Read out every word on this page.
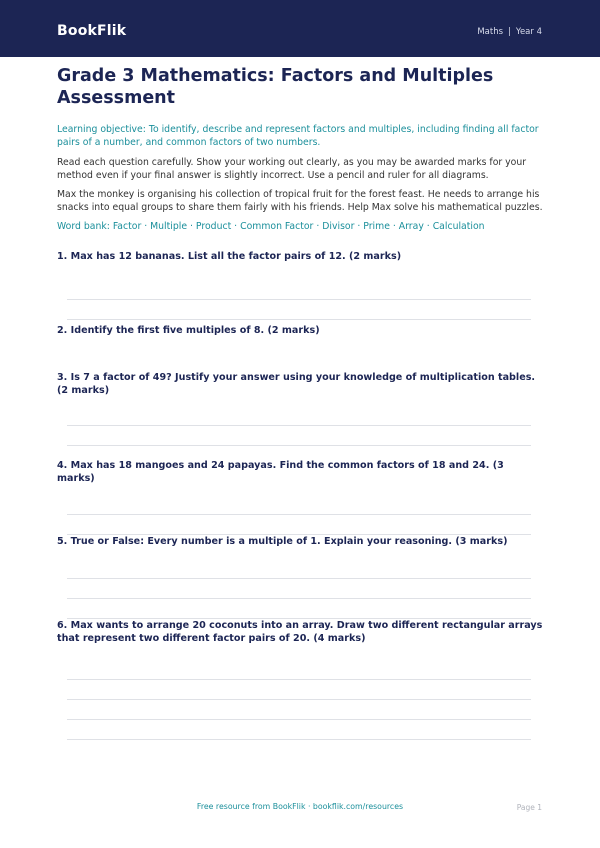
BookFlik	Maths | Year 4
Grade 3 Mathematics: Factors and Multiples Assessment

Learning objective: To identify, describe and represent factors and multiples, including finding all factor pairs of a number, and common factors of two numbers.

Read each question carefully. Show your working out clearly, as you may be awarded marks for your method even if your final answer is slightly incorrect. Use a pencil and ruler for all diagrams.

Max the monkey is organising his collection of tropical fruit for the forest feast. He needs to arrange his snacks into equal groups to share them fairly with his friends. Help Max solve his mathematical puzzles.

Word bank: Factor · Multiple · Product · Common Factor · Divisor · Prime · Array · Calculation

1. Max has 12 bananas. List all the factor pairs of 12. (2 marks)
2. Identify the first five multiples of 8. (2 marks)
3. Is 7 a factor of 49? Justify your answer using your knowledge of multiplication tables. (2 marks)
4. Max has 18 mangoes and 24 papayas. Find the common factors of 18 and 24. (3 marks)
5. True or False: Every number is a multiple of 1. Explain your reasoning. (3 marks)
6. Max wants to arrange 20 coconuts into an array. Draw two different rectangular arrays that represent two different factor pairs of 20. (4 marks)
Free resource from BookFlik · bookflik.com/resources	Page 1
